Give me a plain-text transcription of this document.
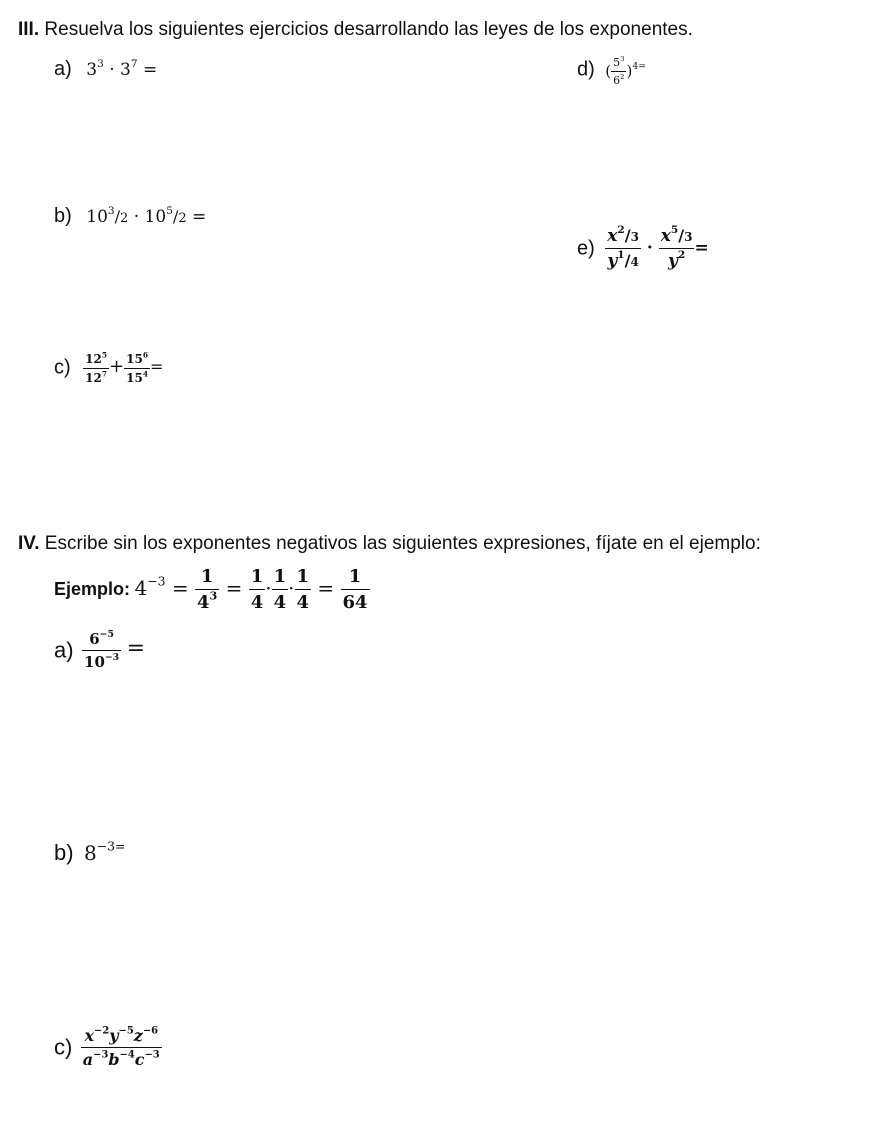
III. Resuelva los siguientes ejercicios desarrollando las leyes de los exponentes.
a) $3^3 \cdot 3^7$ =	d) ( $\frac{5^3}{6^2} )^{4=}$
b) $10^3/2 \cdot 10^5/2$ =
$e) \frac{x^2/3}{y^1/4} \cdot \frac{x^5/3}{y^2}$ =
$c) \frac{12^5}{12^7} + \frac{15^6}{15^4}$ =
IV. Escribe sin los exponentes negativos las siguientes expresiones, fíjate en el ejemplo:
Ejemplo: $4^{-3} = \frac{1}{4^3} = \frac{1}{4} \cdot \frac{1}{4} \cdot \frac{1}{4} = \frac{1}{64}$
$a) \frac{6^{-5}}{10^{-3}}$ =
b) $8^{-3=}$
$c) \frac{x^{-2}y^{-5}z^{-6}}{a^{-3}b^{-4}c^{-3}}$
